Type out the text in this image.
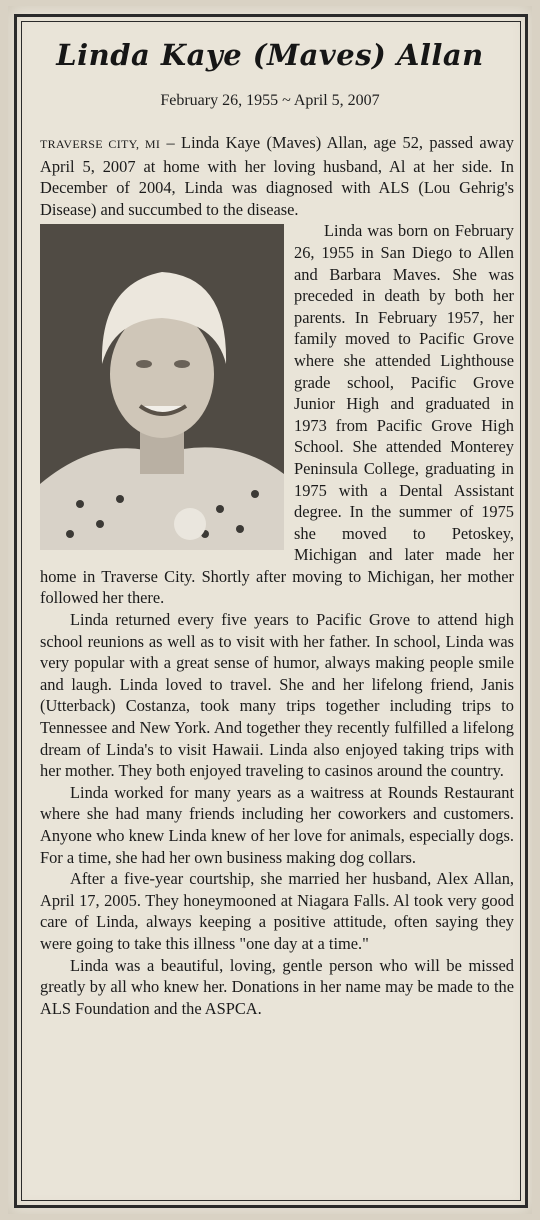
Linda Kaye (Maves) Allan
February 26, 1955 ~ April 5, 2007

TRAVERSE CITY, MI – Linda Kaye (Maves) Allan, age 52, passed away April 5, 2007 at home with her loving husband, Al at her side. In December of 2004, Linda was diagnosed with ALS (Lou Gehrig's Disease) and succumbed to the disease.

Linda was born on February 26, 1955 in San Diego to Allen and Barbara Maves. She was preceded in death by both her parents. In February 1957, her family moved to Pacific Grove where she attended Lighthouse grade school, Pacific Grove Junior High and graduated in 1973 from Pacific Grove High School. She attended Monterey Peninsula College, graduating in 1975 with a Dental Assistant degree. In the summer of 1975 she moved to Petoskey, Michigan and later made her home in Traverse City. Shortly after moving to Michigan, her mother followed her there.

Linda returned every five years to Pacific Grove to attend high school reunions as well as to visit with her father. In school, Linda was very popular with a great sense of humor, always making people smile and laugh. Linda loved to travel. She and her lifelong friend, Janis (Utterback) Costanza, took many trips together including trips to Tennessee and New York. And together they recently fulfilled a lifelong dream of Linda's to visit Hawaii. Linda also enjoyed taking trips with her mother. They both enjoyed traveling to casinos around the country.

Linda worked for many years as a waitress at Rounds Restaurant where she had many friends including her coworkers and customers. Anyone who knew Linda knew of her love for animals, especially dogs. For a time, she had her own business making dog collars.

After a five-year courtship, she married her husband, Alex Allan, April 17, 2005. They honeymooned at Niagara Falls. Al took very good care of Linda, always keeping a positive attitude, often saying they were going to take this illness "one day at a time."

Linda was a beautiful, loving, gentle person who will be missed greatly by all who knew her. Donations in her name may be made to the ALS Foundation and the ASPCA.
